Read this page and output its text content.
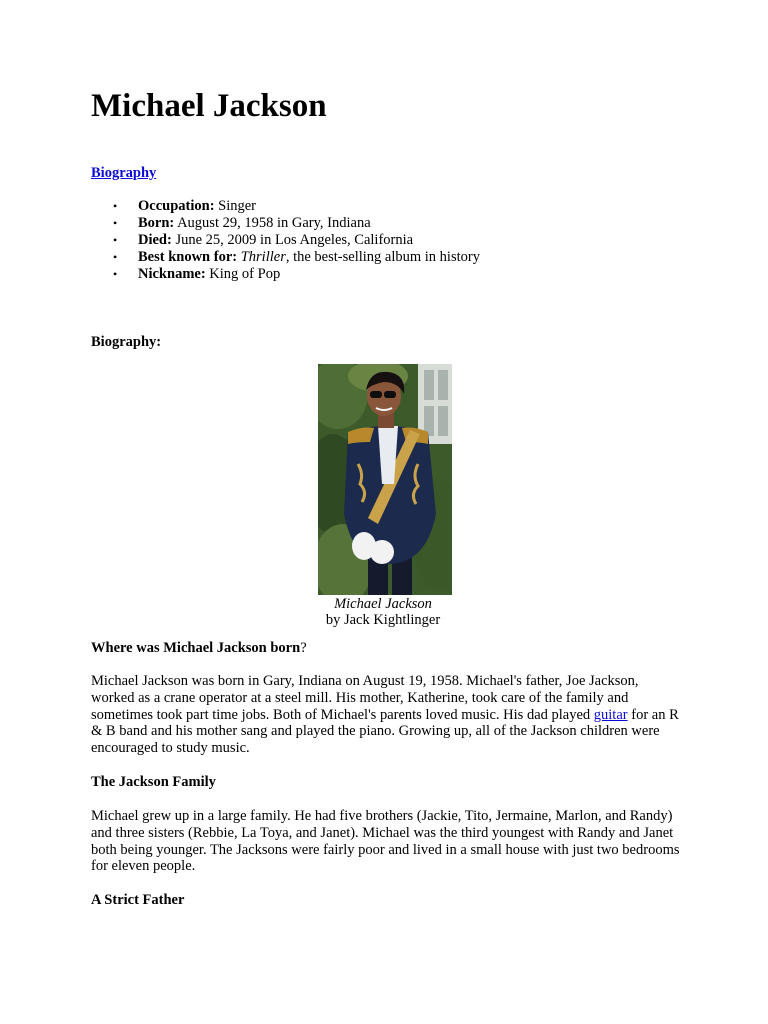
Michael Jackson
Biography
• Occupation: Singer
• Born: August 29, 1958 in Gary, Indiana
• Died: June 25, 2009 in Los Angeles, California
• Best known for: Thriller, the best-selling album in history
• Nickname: King of Pop
Biography:
Michael Jackson
by Jack Kightlinger
Where was Michael Jackson born?

Michael Jackson was born in Gary, Indiana on August 19, 1958. Michael's father, Joe Jackson, worked as a crane operator at a steel mill. His mother, Katherine, took care of the family and sometimes took part time jobs. Both of Michael's parents loved music. His dad played guitar for an R & B band and his mother sang and played the piano. Growing up, all of the Jackson children were encouraged to study music.

The Jackson Family

Michael grew up in a large family. He had five brothers (Jackie, Tito, Jermaine, Marlon, and Randy) and three sisters (Rebbie, La Toya, and Janet). Michael was the third youngest with Randy and Janet both being younger. The Jacksons were fairly poor and lived in a small house with just two bedrooms for eleven people.

A Strict Father
